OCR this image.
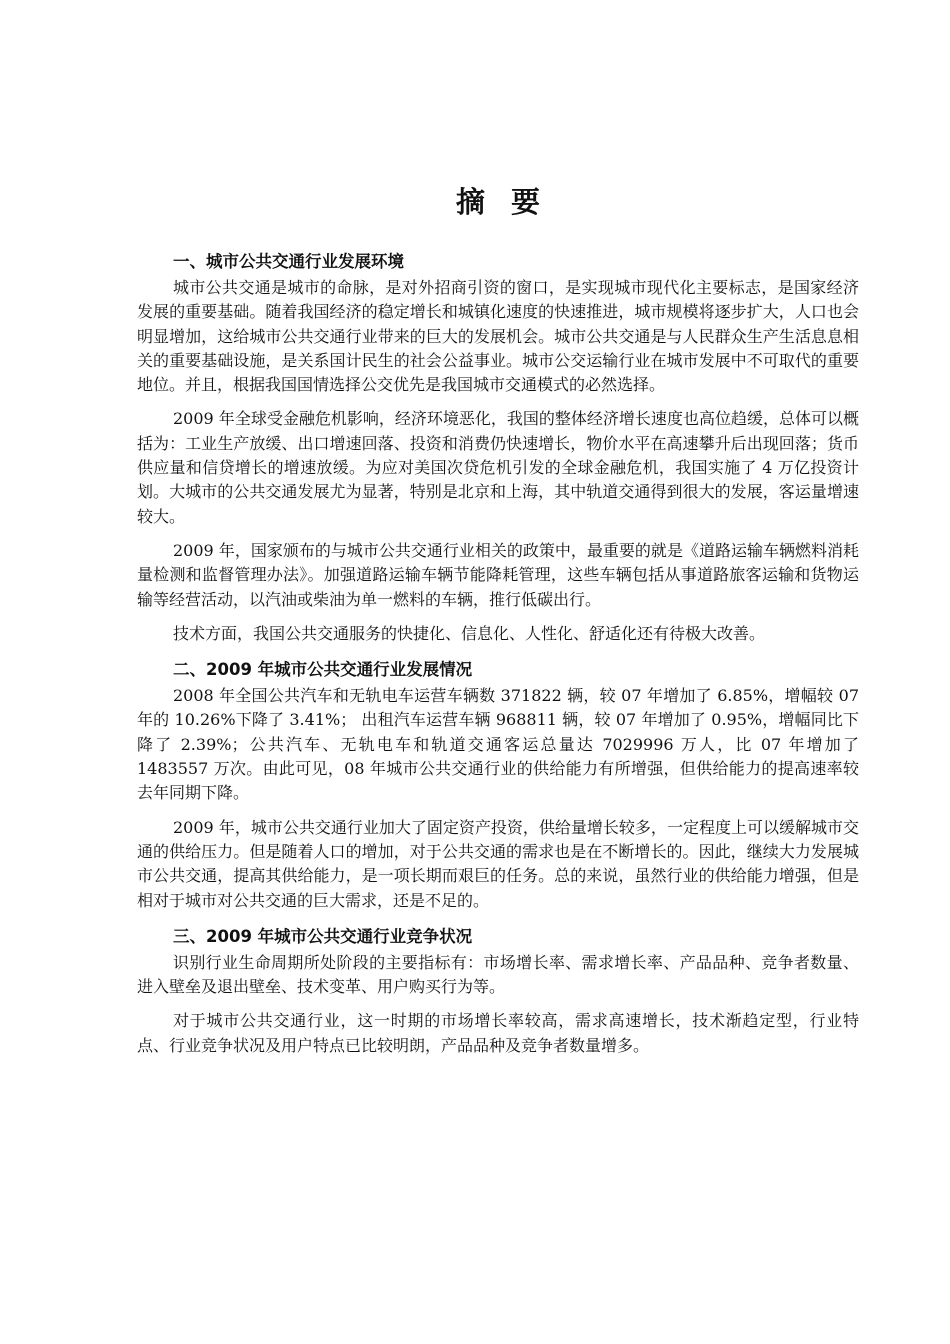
摘 要

一、城市公共交通行业发展环境

城市公共交通是城市的命脉，是对外招商引资的窗口，是实现城市现代化主要标志，是国家经济发展的重要基础。随着我国经济的稳定增长和城镇化速度的快速推进，城市规模将逐步扩大，人口也会明显增加，这给城市公共交通行业带来的巨大的发展机会。城市公共交通是与人民群众生产生活息息相关的重要基础设施，是关系国计民生的社会公益事业。城市公交运输行业在城市发展中不可取代的重要地位。并且，根据我国国情选择公交优先是我国城市交通模式的必然选择。

2009 年全球受金融危机影响，经济环境恶化，我国的整体经济增长速度也高位趋缓，总体可以概括为：工业生产放缓、出口增速回落、投资和消费仍快速增长，物价水平在高速攀升后出现回落；货币供应量和信贷增长的增速放缓。为应对美国次贷危机引发的全球金融危机，我国实施了 4 万亿投资计划。大城市的公共交通发展尤为显著，特别是北京和上海，其中轨道交通得到很大的发展，客运量增速较大。

2009 年，国家颁布的与城市公共交通行业相关的政策中，最重要的就是《道路运输车辆燃料消耗量检测和监督管理办法》。加强道路运输车辆节能降耗管理，这些车辆包括从事道路旅客运输和货物运输等经营活动，以汽油或柴油为单一燃料的车辆，推行低碳出行。

技术方面，我国公共交通服务的快捷化、信息化、人性化、舒适化还有待极大改善。

二、2009 年城市公共交通行业发展情况

2008 年全国公共汽车和无轨电车运营车辆数 371822 辆，较 07 年增加了 6.85%，增幅较 07 年的 10.26%下降了 3.41%； 出租汽车运营车辆 968811 辆，较 07 年增加了 0.95%，增幅同比下降了 2.39%；公共汽车、无轨电车和轨道交通客运总量达 7029996 万人，比 07 年增加了 1483557 万次。由此可见，08 年城市公共交通行业的供给能力有所增强，但供给能力的提高速率较去年同期下降。

2009 年，城市公共交通行业加大了固定资产投资，供给量增长较多，一定程度上可以缓解城市交通的供给压力。但是随着人口的增加，对于公共交通的需求也是在不断增长的。因此，继续大力发展城市公共交通，提高其供给能力，是一项长期而艰巨的任务。总的来说，虽然行业的供给能力增强，但是相对于城市对公共交通的巨大需求，还是不足的。

三、2009 年城市公共交通行业竞争状况

识别行业生命周期所处阶段的主要指标有：市场增长率、需求增长率、产品品种、竞争者数量、进入壁垒及退出壁垒、技术变革、用户购买行为等。

对于城市公共交通行业，这一时期的市场增长率较高，需求高速增长，技术渐趋定型，行业特点、行业竞争状况及用户特点已比较明朗，产品品种及竞争者数量增多。
